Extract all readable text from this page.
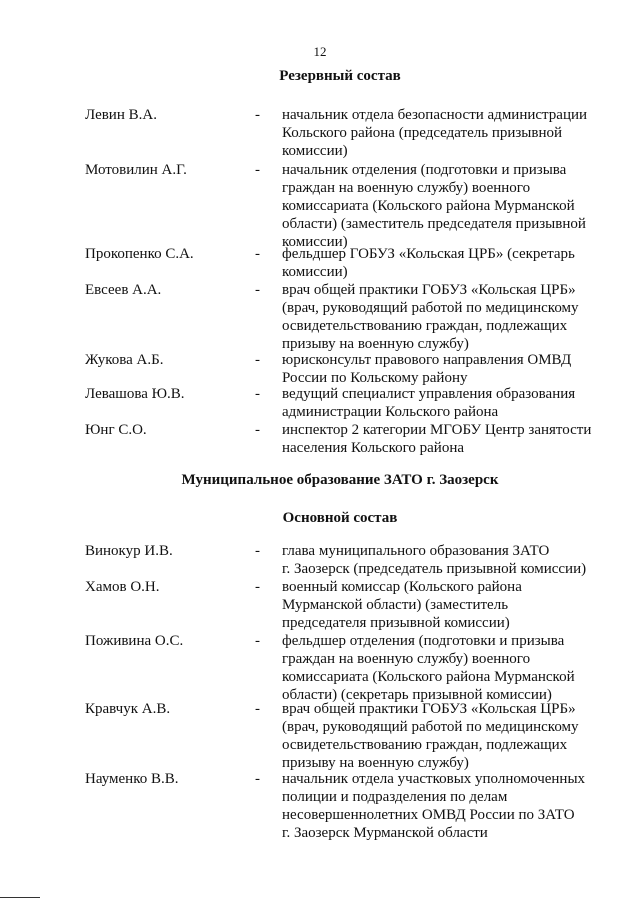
12
Резервный состав
Левин В.А.	- начальник отдела безопасности администрации
Кольского района (председатель призывной
комиссии)
Мотовилин А.Г.	- начальник отделения (подготовки и призыва
граждан на военную службу) военного
комиссариата (Кольского района Мурманской
области) (заместитель председателя призывной
комиссии)
Прокопенко С.А.	- фельдшер ГОБУЗ «Кольская ЦРБ» (секретарь
комиссии)
Евсеев А.А.	- врач общей практики ГОБУЗ «Кольская ЦРБ»
(врач, руководящий работой по медицинскому
освидетельствованию граждан, подлежащих
призыву на военную службу)
Жукова А.Б.	- юрисконсульт правового направления ОМВД
России по Кольскому району
Левашова Ю.В.	- ведущий специалист управления образования
администрации Кольского района
Юнг С.О.	- инспектор 2 категории МГОБУ Центр занятости
населения Кольского района
Муниципальное образование ЗАТО г. Заозерск
Основной состав
Винокур И.В.	- глава муниципального образования ЗАТО
г. Заозерск (председатель призывной комиссии)
Хамов О.Н.	- военный комиссар (Кольского района
Мурманской области) (заместитель
председателя призывной комиссии)
Поживина О.С.	- фельдшер отделения (подготовки и призыва
граждан на военную службу) военного
комиссариата (Кольского района Мурманской
области) (секретарь призывной комиссии)
Кравчук А.В.	- врач общей практики ГОБУЗ «Кольская ЦРБ»
(врач, руководящий работой по медицинскому
освидетельствованию граждан, подлежащих
призыву на военную службу)
Науменко В.В.	- начальник отдела участковых уполномоченных
полиции и подразделения по делам
несовершеннолетних ОМВД России по ЗАТО
г. Заозерск Мурманской области
